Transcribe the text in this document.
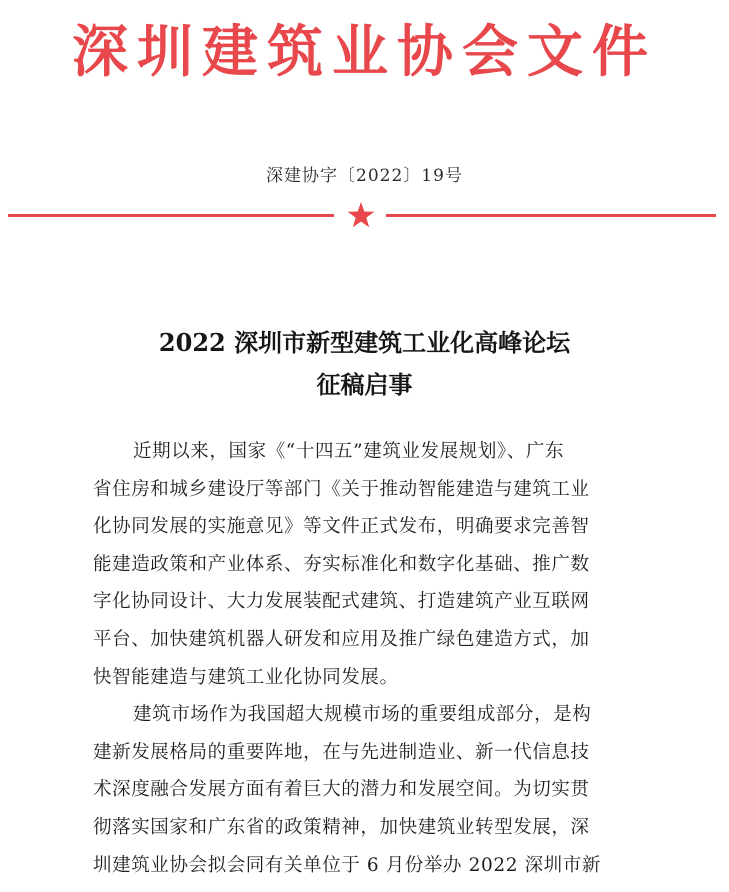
深圳建筑业协会文件
深建协字〔2022〕19号
2022 深圳市新型建筑工业化高峰论坛
征稿启事
近期以来，国家《“十四五”建筑业发展规划》、广东
省住房和城乡建设厅等部门《关于推动智能建造与建筑工业
化协同发展的实施意见》等文件正式发布，明确要求完善智
能建造政策和产业体系、夯实标准化和数字化基础、推广数
字化协同设计、大力发展装配式建筑、打造建筑产业互联网
平台、加快建筑机器人研发和应用及推广绿色建造方式，加
快智能建造与建筑工业化协同发展。
建筑市场作为我国超大规模市场的重要组成部分，是构
建新发展格局的重要阵地，在与先进制造业、新一代信息技
术深度融合发展方面有着巨大的潜力和发展空间。为切实贯
彻落实国家和广东省的政策精神，加快建筑业转型发展，深
圳建筑业协会拟会同有关单位于 6 月份举办 2022 深圳市新
